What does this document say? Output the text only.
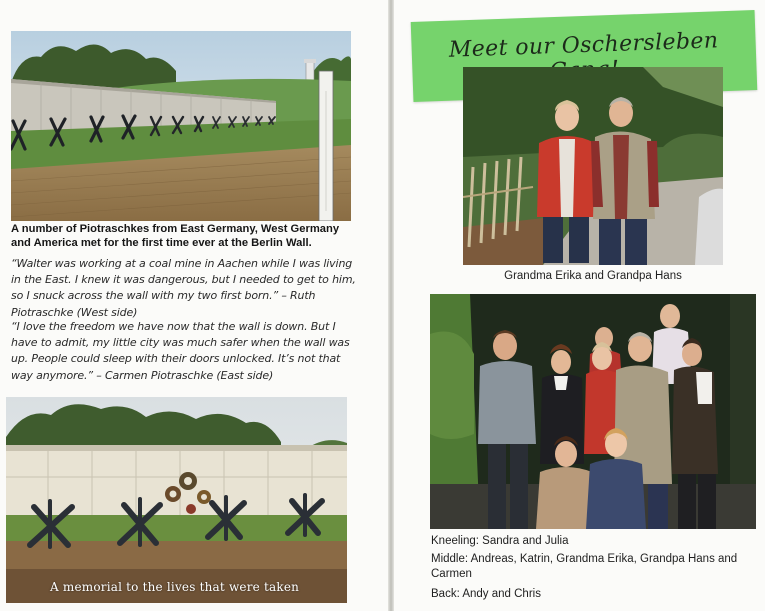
A number of Piotraschkes from East Germany, West Germany and America met for the first time ever at the Berlin Wall.
“Walter was working at a coal mine in Aachen while I was living in the East. I knew it was dangerous, but I needed to get to him, so I snuck across the wall with my two first born.” – Ruth Piotraschke (West side)
“I love the freedom we have now that the wall is down. But I have to admit, my little city was much safer when the wall was up. People could sleep with their doors unlocked. It’s not that way anymore.” – Carmen Piotraschke (East side)
A memorial to the lives that were taken
Meet our Oschersleben
Grandma Erika and Grandpa Hans
Kneeling: Sandra and Julia
Middle: Andreas, Katrin, Grandma Erika, Grandpa Hans and Carmen
Back: Andy and Chris
